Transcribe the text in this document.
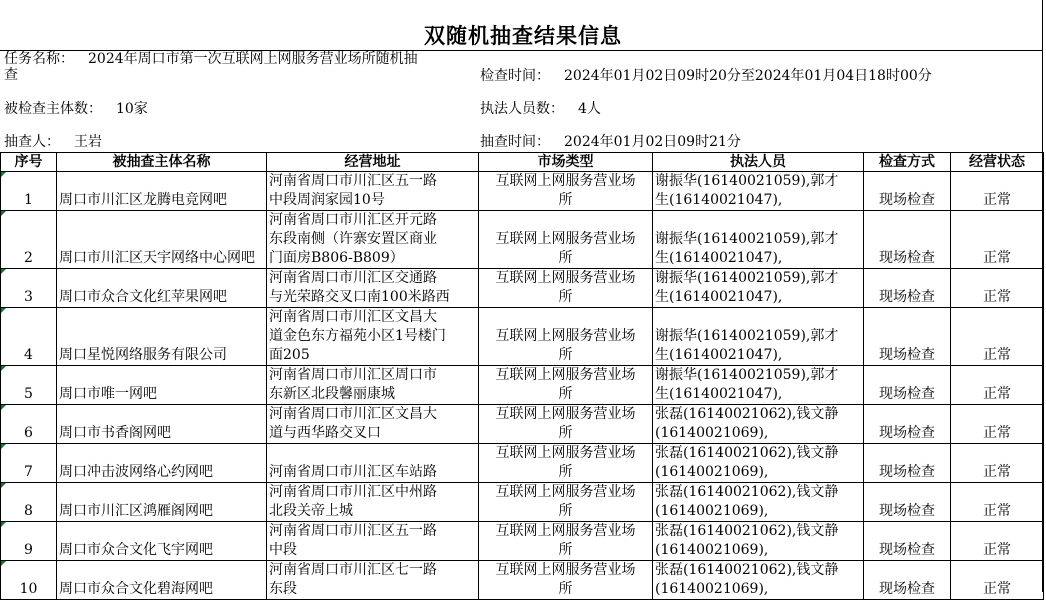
双随机抽查结果信息
任务名称： 2024年周口市第一次互联网上网服务营业场所随机抽
查	检查时间： 2024年01月02日09时20分至2024年01月04日18时00分
被检查主体数： 10家	执法人员数： 4人
抽查人： 王岩	抽查时间： 2024年01月02日09时21分
序号	被抽查主体名称	经营地址	市场类型	执法人员	检查方式	经营状态
1	周口市川汇区龙腾电竞网吧	河南省周口市川汇区五一路
中段周润家园10号	互联网上网服务营业场
所	谢振华(16140021059),郭才
生(16140021047),	现场检查	正常
2	周口市川汇区天宇网络中心网吧	河南省周口市川汇区开元路
东段南侧（许寨安置区商业
门面房B806-B809）	互联网上网服务营业场
所	谢振华(16140021059),郭才
生(16140021047),	现场检查	正常
3	周口市众合文化红苹果网吧	河南省周口市川汇区交通路
与光荣路交叉口南100米路西	互联网上网服务营业场
所	谢振华(16140021059),郭才
生(16140021047),	现场检查	正常
4	周口星悦网络服务有限公司	河南省周口市川汇区文昌大
道金色东方福苑小区1号楼门
面205	互联网上网服务营业场
所	谢振华(16140021059),郭才
生(16140021047),	现场检查	正常
5	周口市唯一网吧	河南省周口市川汇区周口市
东新区北段馨丽康城	互联网上网服务营业场
所	谢振华(16140021059),郭才
生(16140021047),	现场检查	正常
6	周口市书香阁网吧	河南省周口市川汇区文昌大
道与西华路交叉口	互联网上网服务营业场
所	张磊(16140021062),钱文静
(16140021069),	现场检查	正常
7	周口冲击波网络心约网吧	河南省周口市川汇区车站路	互联网上网服务营业场
所	张磊(16140021062),钱文静
(16140021069),	现场检查	正常
8	周口市川汇区鸿雁阁网吧	河南省周口市川汇区中州路
北段关帝上城	互联网上网服务营业场
所	张磊(16140021062),钱文静
(16140021069),	现场检查	正常
9	周口市众合文化飞宇网吧	河南省周口市川汇区五一路
中段	互联网上网服务营业场
所	张磊(16140021062),钱文静
(16140021069),	现场检查	正常
10	周口市众合文化碧海网吧	河南省周口市川汇区七一路
东段	互联网上网服务营业场
所	张磊(16140021062),钱文静
(16140021069),	现场检查	正常
